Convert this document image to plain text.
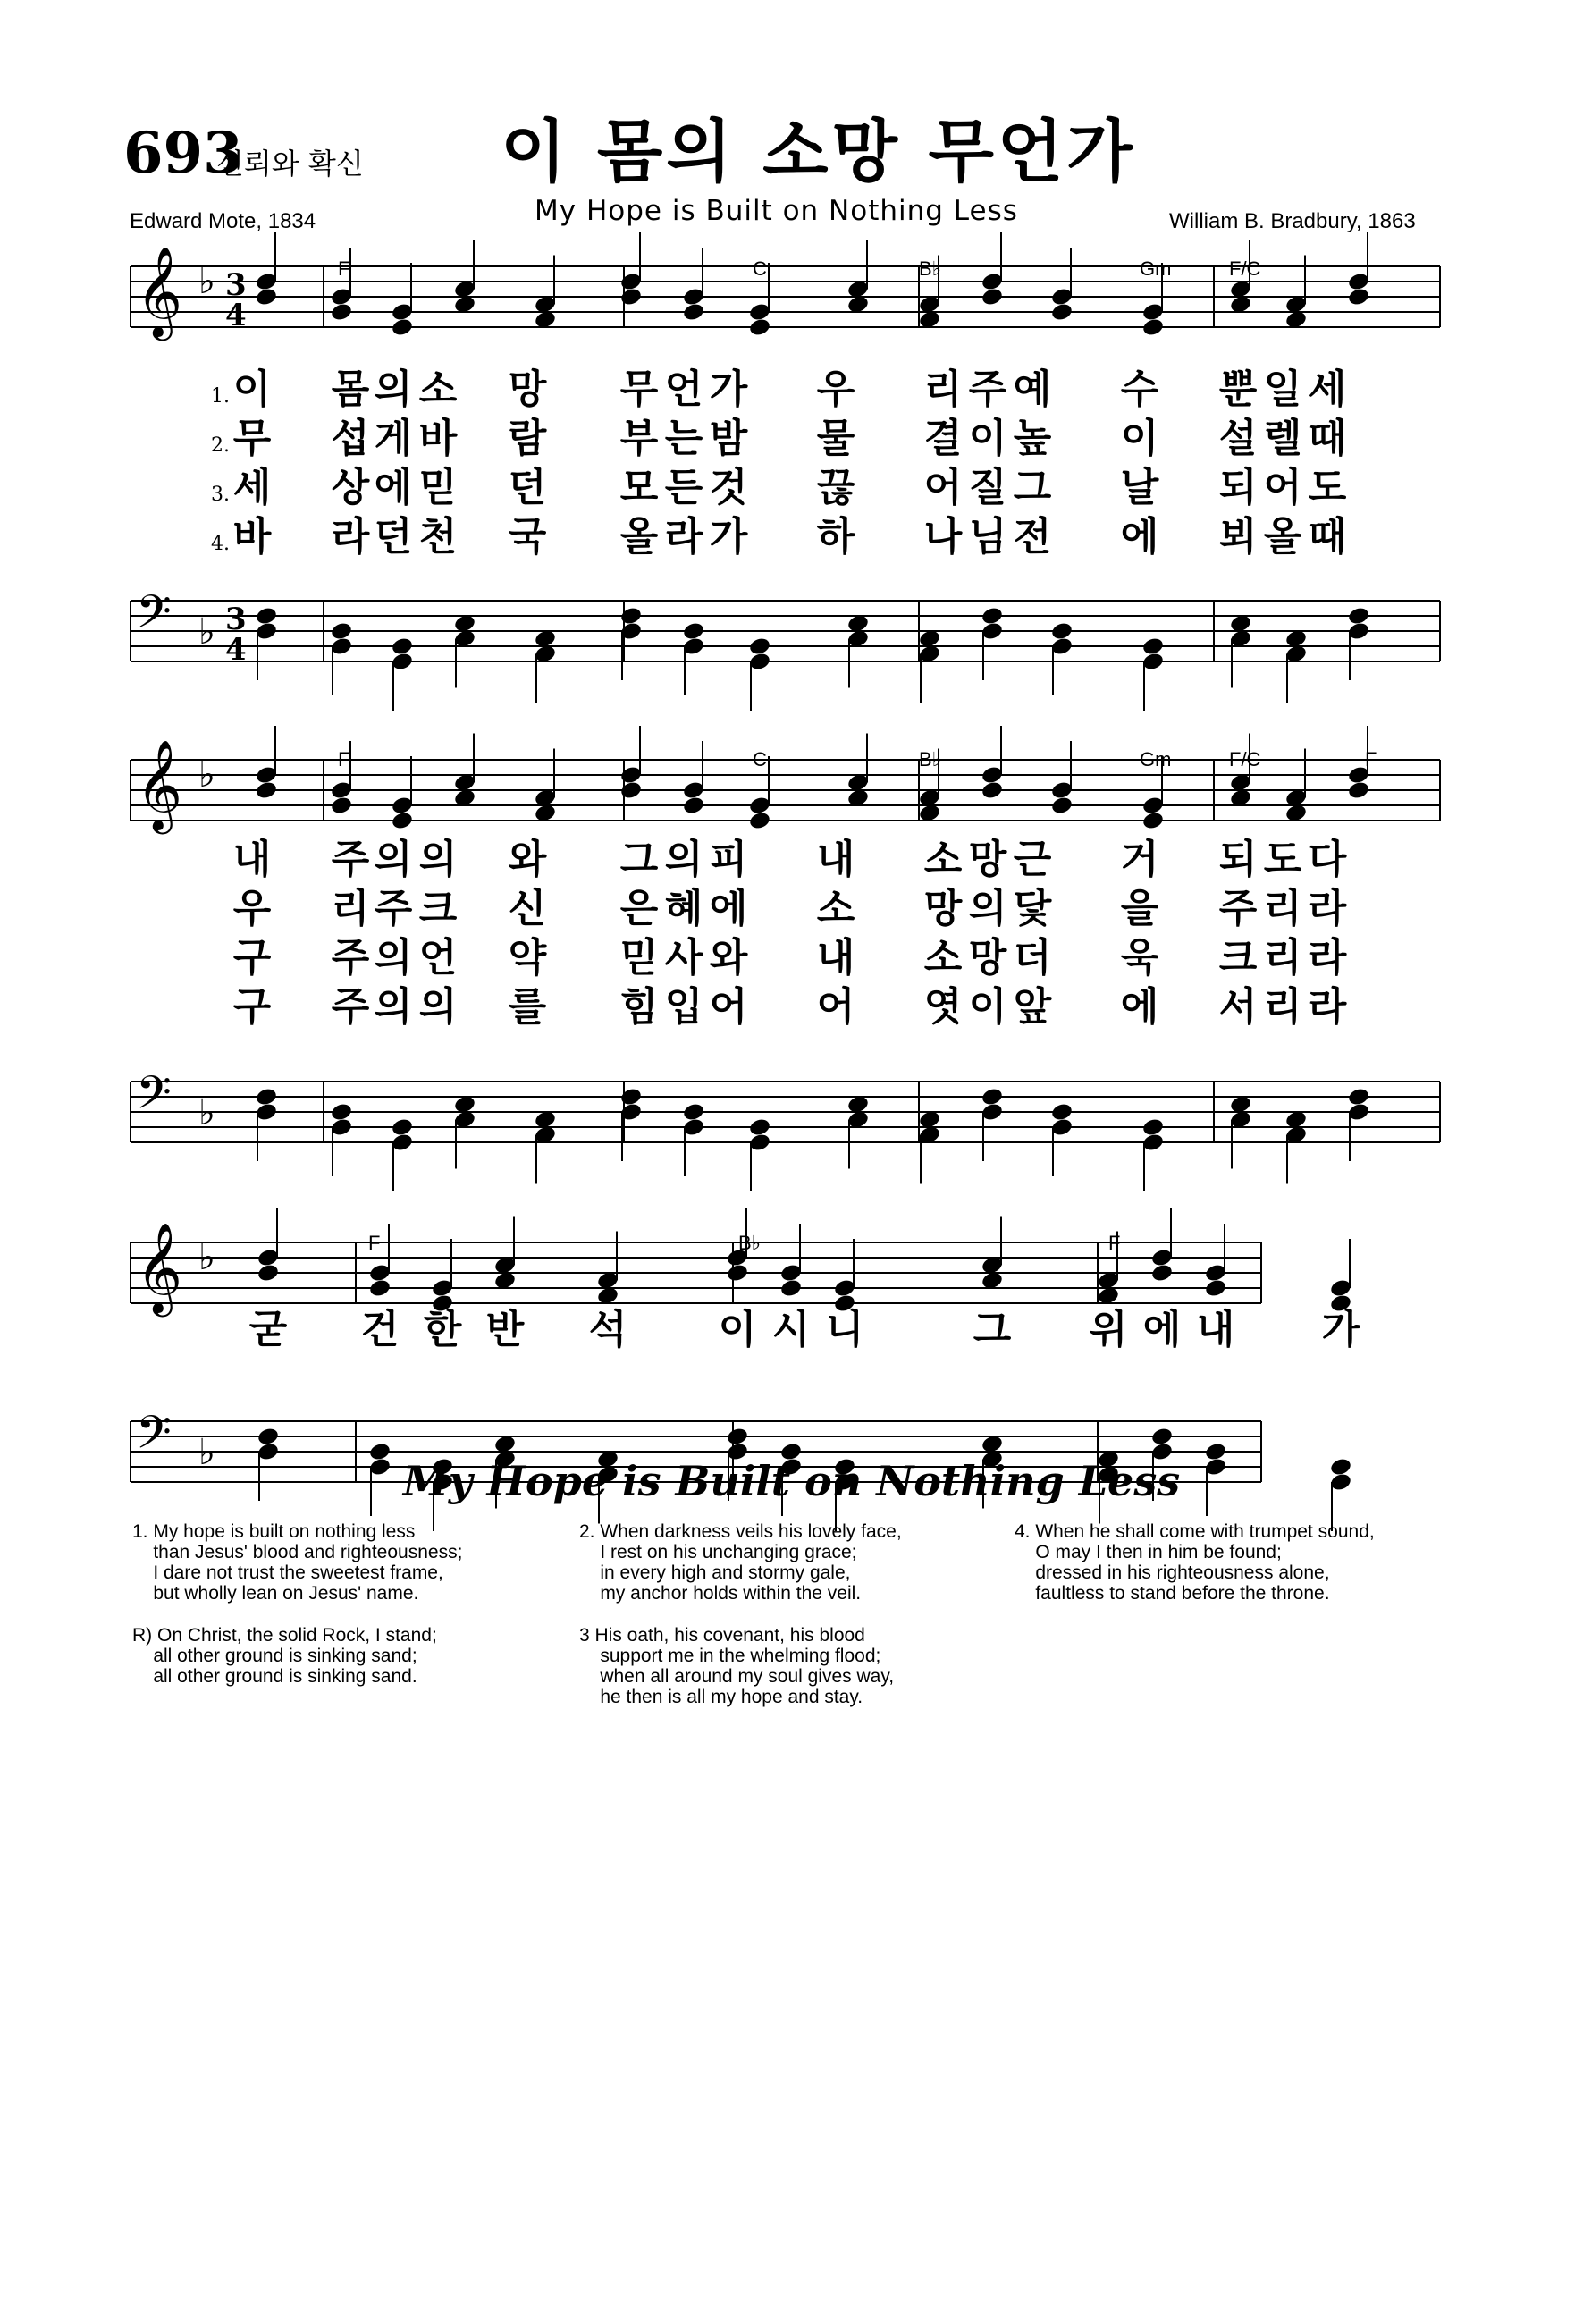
693
신뢰와 확신 이 몸의 소망 무언가
My Hope is Built on Nothing Less
Edward Mote, 1834	William B. Bradbury, 1863
𝄞
𝄢
♭
♭
3
4
3
4
F	C	B♭	Gm	F/C
1.
2.
3.
4.
이 몸 의 소 망 무 언 가 우 리 주 예 수 뿐 일 세
무 섭 게 바 람 부 는 밤 물 결 이 높 이 설 렐 때
세 상 에 믿 던 모 든 것 끊 어 질 그 날 되 어 도
바 라 던 천 국 올 라 가 하 나 님 전 에 뵈 올 때
𝄞
𝄢
♭
♭
F	C	B♭	Gm	F/C	F
내 주 의 의 와 그 의 피 내 소 망 근 거 되 도 다
우 리 주 크 신 은 혜 에 소 망 의 닻 을 주 리 라
구 주 의 언 약 믿 사 와 내 소 망 더 욱 크 리 라
구 주 의 의 를 힘 입 어 어 엿 이 앞 에 서 리 라
𝄞
𝄢
♭
♭
F	B♭	F
굳 건 한 반 석 이 시 니	그 위 에 내 가
My Hope is Built on Nothing Less
1. My hope is built on nothing less
than Jesus' blood and righteousness;
I dare not trust the sweetest frame,
but wholly lean on Jesus' name.
R) On Christ, the solid Rock, I stand;
all other ground is sinking sand;
all other ground is sinking sand.
2. When darkness veils his lovely face,
I rest on his unchanging grace;
in every high and stormy gale,
my anchor holds within the veil.
3 His oath, his covenant, his blood
support me in the whelming flood;
when all around my soul gives way,
he then is all my hope and stay.
4. When he shall come with trumpet sound,
O may I then in him be found;
dressed in his righteousness alone,
faultless to stand before the throne.
